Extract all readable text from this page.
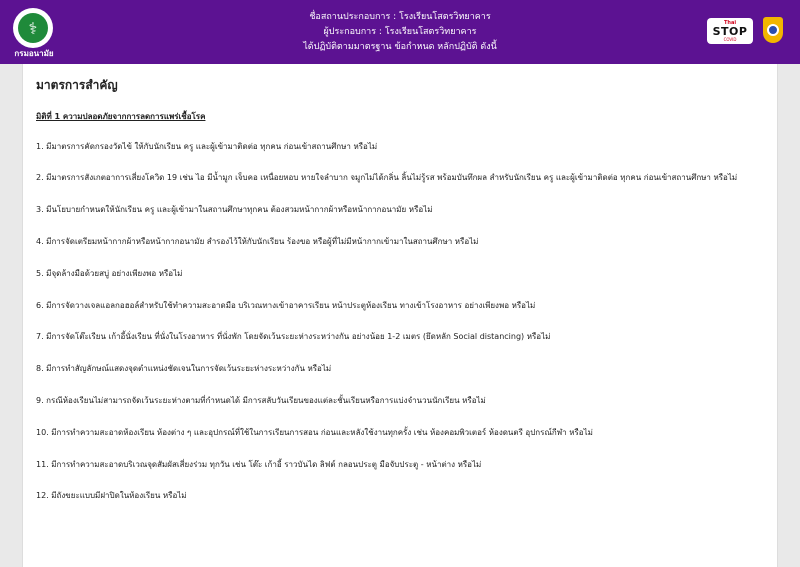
⚕
กรมอนามัย
ชื่อสถานประกอบการ : โรงเรียนโสตรวิทยาคาร
ผู้ประกอบการ : โรงเรียนโสตรวิทยาคาร
ได้ปฏิบัติตามมาตรฐาน ข้อกำหนด หลักปฏิบัติ ดังนี้
Thai
STOP
COVID
มาตรการสำคัญ
มิติที่ 1 ความปลอดภัยจากการลดการแพร่เชื้อโรค
1. มีมาตรการคัดกรองวัดไข้ ให้กับนักเรียน ครู และผู้เข้ามาติดต่อ ทุกคน ก่อนเข้าสถานศึกษา หรือไม่
2. มีมาตรการสังเกตอาการเสี่ยงโควิด 19 เช่น ไอ มีน้ำมูก เจ็บคอ เหนื่อยหอบ หายใจลำบาก จมูกไม่ได้กลิ่น ลิ้นไม่รู้รส พร้อมบันทึกผล สำหรับนักเรียน ครู และผู้เข้ามาติดต่อ ทุกคน ก่อนเข้าสถานศึกษา หรือไม่
3. มีนโยบายกำหนดให้นักเรียน ครู และผู้เข้ามาในสถานศึกษาทุกคน ต้องสวมหน้ากากผ้าหรือหน้ากากอนามัย หรือไม่
4. มีการจัดเตรียมหน้ากากผ้าหรือหน้ากากอนามัย สำรองไว้ให้กับนักเรียน ร้องขอ หรือผู้ที่ไม่มีหน้ากากเข้ามาในสถานศึกษา หรือไม่
5. มีจุดล้างมือด้วยสบู่ อย่างเพียงพอ หรือไม่
6. มีการจัดวางเจลแอลกอฮอล์สำหรับใช้ทำความสะอาดมือ บริเวณทางเข้าอาคารเรียน หน้าประตูห้องเรียน ทางเข้าโรงอาหาร อย่างเพียงพอ หรือไม่
7. มีการจัดโต๊ะเรียน เก้าอี้นั่งเรียน ที่นั่งในโรงอาหาร ที่นั่งพัก โดยจัดเว้นระยะห่างระหว่างกัน อย่างน้อย 1-2 เมตร (ยึดหลัก Social distancing) หรือไม่
8. มีการทำสัญลักษณ์แสดงจุดตำแหน่งชัดเจนในการจัดเว้นระยะห่างระหว่างกัน หรือไม่
9. กรณีห้องเรียนไม่สามารถจัดเว้นระยะห่างตามที่กำหนดได้ มีการสลับวันเรียนของแต่ละชั้นเรียนหรือการแบ่งจำนวนนักเรียน หรือไม่
10. มีการทำความสะอาดห้องเรียน ห้องต่าง ๆ และอุปกรณ์ที่ใช้ในการเรียนการสอน ก่อนและหลังใช้งานทุกครั้ง เช่น ห้องคอมพิวเตอร์ ห้องดนตรี อุปกรณ์กีฬา หรือไม่
11. มีการทำความสะอาดบริเวณจุดสัมผัสเสี่ยงร่วม ทุกวัน เช่น โต๊ะ เก้าอี้ ราวบันได ลิฟต์ กลอนประตู มือจับประตู - หน้าต่าง หรือไม่
12. มีถังขยะแบบมีฝาปิดในห้องเรียน หรือไม่
